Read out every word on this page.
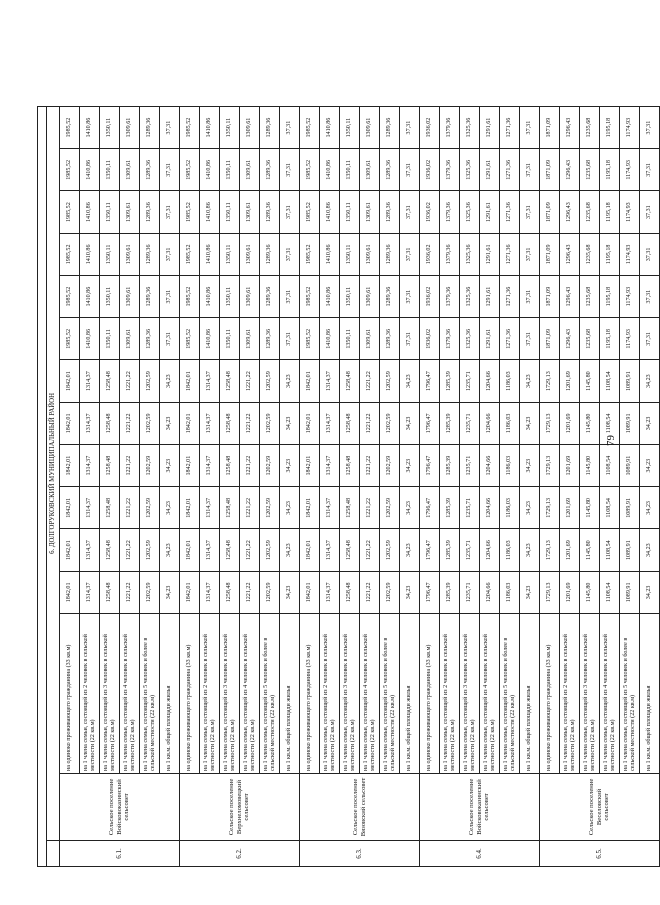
	6. ДОЛГОРУКОВСКИЙ МУНИЦИПАЛЬНЫЙ РАЙОН													
6.1.	Сельское поселение Войсковоказинский сельсовет	на одиноко проживающего гражданина (33 кв.м)	1842,01	1842,01	1842,01	1842,01	1842,01	1842,01	1985,52	1985,52	1985,52	1985,52	1985,52	1985,52
		на 1 члена семьи, состоящей из 2 человек в сельской местности (22 кв.м)	1314,37	1314,37	1314,37	1314,37	1314,37	1314,37	1410,86	1410,86	1410,86	1410,86	1410,86	1410,86
		на 1 члена семьи, состоящей из 3 человек в сельской местности (22 кв.м)	1258,48	1258,48	1258,48	1258,48	1258,48	1258,48	1350,11	1350,11	1350,11	1350,11	1350,11	1350,11
		на 1 члена семьи, состоящей из 4 человек в сельской местности (22 кв.м)	1221,22	1221,22	1221,22	1221,22	1221,22	1221,22	1309,61	1309,61	1309,61	1309,61	1309,61	1309,61
		на 1 члена семьи, состоящей из 5 человек и более в сельской местности (22 кв.м)	1202,59	1202,59	1202,59	1202,59	1202,59	1202,59	1289,36	1289,36	1289,36	1289,36	1289,36	1289,36
		на 1 кв.м. общей площади жилья	34,23	34,23	34,23	34,23	34,23	34,23	37,31	37,31	37,31	37,31	37,31	37,31
6.2.	Сельское поселение Верхнеломовецкий сельсовет	на одиноко проживающего гражданина (33 кв.м)	1842,01	1842,01	1842,01	1842,01	1842,01	1842,01	1985,52	1985,52	1985,52	1985,52	1985,52	1985,52
		на 1 члена семьи, состоящей из 2 человек в сельской местности (22 кв.м)	1314,37	1314,37	1314,37	1314,37	1314,37	1314,37	1410,86	1410,86	1410,86	1410,86	1410,86	1410,86
		на 1 члена семьи, состоящей из 3 человек в сельской местности (22 кв.м)	1258,48	1258,48	1258,48	1258,48	1258,48	1258,48	1350,11	1350,11	1350,11	1350,11	1350,11	1350,11
		на 1 члена семьи, состоящей из 4 человек в сельской местности (22 кв.м)	1221,22	1221,22	1221,22	1221,22	1221,22	1221,22	1309,61	1309,61	1309,61	1309,61	1309,61	1309,61
		на 1 члена семьи, состоящей из 5 человек и более в сельской местности (22 кв.м)	1202,59	1202,59	1202,59	1202,59	1202,59	1202,59	1289,36	1289,36	1289,36	1289,36	1289,36	1289,36
		на 1 кв.м. общей площади жилья	34,23	34,23	34,23	34,23	34,23	34,23	37,31	37,31	37,31	37,31	37,31	37,31
6.3.	Сельское поселение Вязовский сельсовет	на одиноко проживающего гражданина (33 кв.м)	1842,01	1842,01	1842,01	1842,01	1842,01	1842,01	1985,52	1985,52	1985,52	1985,52	1985,52	1985,52
		на 1 члена семьи, состоящей из 2 человек в сельской местности (22 кв.м)	1314,37	1314,37	1314,37	1314,37	1314,37	1314,37	1410,86	1410,86	1410,86	1410,86	1410,86	1410,86
		на 1 члена семьи, состоящей из 3 человек в сельской местности (22 кв.м)	1258,48	1258,48	1258,48	1258,48	1258,48	1258,48	1350,11	1350,11	1350,11	1350,11	1350,11	1350,11
		на 1 члена семьи, состоящей из 4 человек в сельской местности (22 кв.м)	1221,22	1221,22	1221,22	1221,22	1221,22	1221,22	1309,61	1309,61	1309,61	1309,61	1309,61	1309,61
		на 1 члена семьи, состоящей из 5 человек и более в сельской местности (22 кв.м)	1202,59	1202,59	1202,59	1202,59	1202,59	1202,59	1289,36	1289,36	1289,36	1289,36	1289,36	1289,36
		на 1 кв.м. общей площади жилья	34,23	34,23	34,23	34,23	34,23	34,23	37,31	37,31	37,31	37,31	37,31	37,31
6.4.	Сельское поселение Войсковоказинский сельсовет	на одиноко проживающего гражданина (33 кв.м)	1796,47	1796,47	1796,47	1796,47	1796,47	1796,47	1936,02	1936,02	1936,02	1936,02	1936,02	1936,02
		на 1 члена семьи, состоящей из 2 человек в сельской местности (22 кв.м)	1285,39	1285,39	1285,39	1285,39	1285,39	1285,39	1379,36	1379,36	1379,36	1379,36	1379,36	1379,36
		на 1 члена семьи, состоящей из 3 человек в сельской местности (22 кв.м)	1235,71	1235,71	1235,71	1235,71	1235,71	1235,71	1325,36	1325,36	1325,36	1325,36	1325,36	1325,36
		на 1 члена семьи, состоящей из 4 человек в сельской местности (22 кв.м)	1204,66	1204,66	1204,66	1204,66	1204,66	1204,66	1291,61	1291,61	1291,61	1291,61	1291,61	1291,61
		на 1 члена семьи, состоящей из 5 человек и более в сельской местности (22 кв.м)	1186,03	1186,03	1186,03	1186,03	1186,03	1186,03	1271,36	1271,36	1271,36	1271,36	1271,36	1271,36
		на 1 кв.м. общей площади жилья	34,23	34,23	34,23	34,23	34,23	34,23	37,31	37,31	37,31	37,31	37,31	37,31
6.5.	Сельское поселение Веселовский сельсовет	на одиноко проживающего гражданина (33 кв.м)	1729,13	1729,13	1729,13	1729,13	1729,13	1729,13	1871,09	1871,09	1871,09	1871,09	1871,09	1871,09
		на 1 члена семьи, состоящей из 2 человек в сельской местности (22 кв.м)	1201,69	1201,69	1201,69	1201,69	1201,69	1201,69	1296,43	1296,43	1296,43	1296,43	1296,43	1296,43
		на 1 члена семьи, состоящей из 3 человек в сельской местности (22 кв.м)	1145,80	1145,80	1145,80	1145,80	1145,80	1145,80	1235,68	1235,68	1235,68	1235,68	1235,68	1235,68
		на 1 члена семьи, состоящей из 4 человек в сельской местности (22 кв.м)	1108,54	1108,54	1108,54	1108,54	1108,54	1108,54	1195,18	1195,18	1195,18	1195,18	1195,18	1195,18
		на 1 члена семьи, состоящей из 5 человек и более в сельской местности (22 кв.м)	1089,91	1089,91	1089,91	1089,91	1089,91	1089,91	1174,93	1174,93	1174,93	1174,93	1174,93	1174,93
		на 1 кв.м. общей площади жилья	34,23	34,23	34,23	34,23	34,23	34,23	37,31	37,31	37,31	37,31	37,31	37,31
79
